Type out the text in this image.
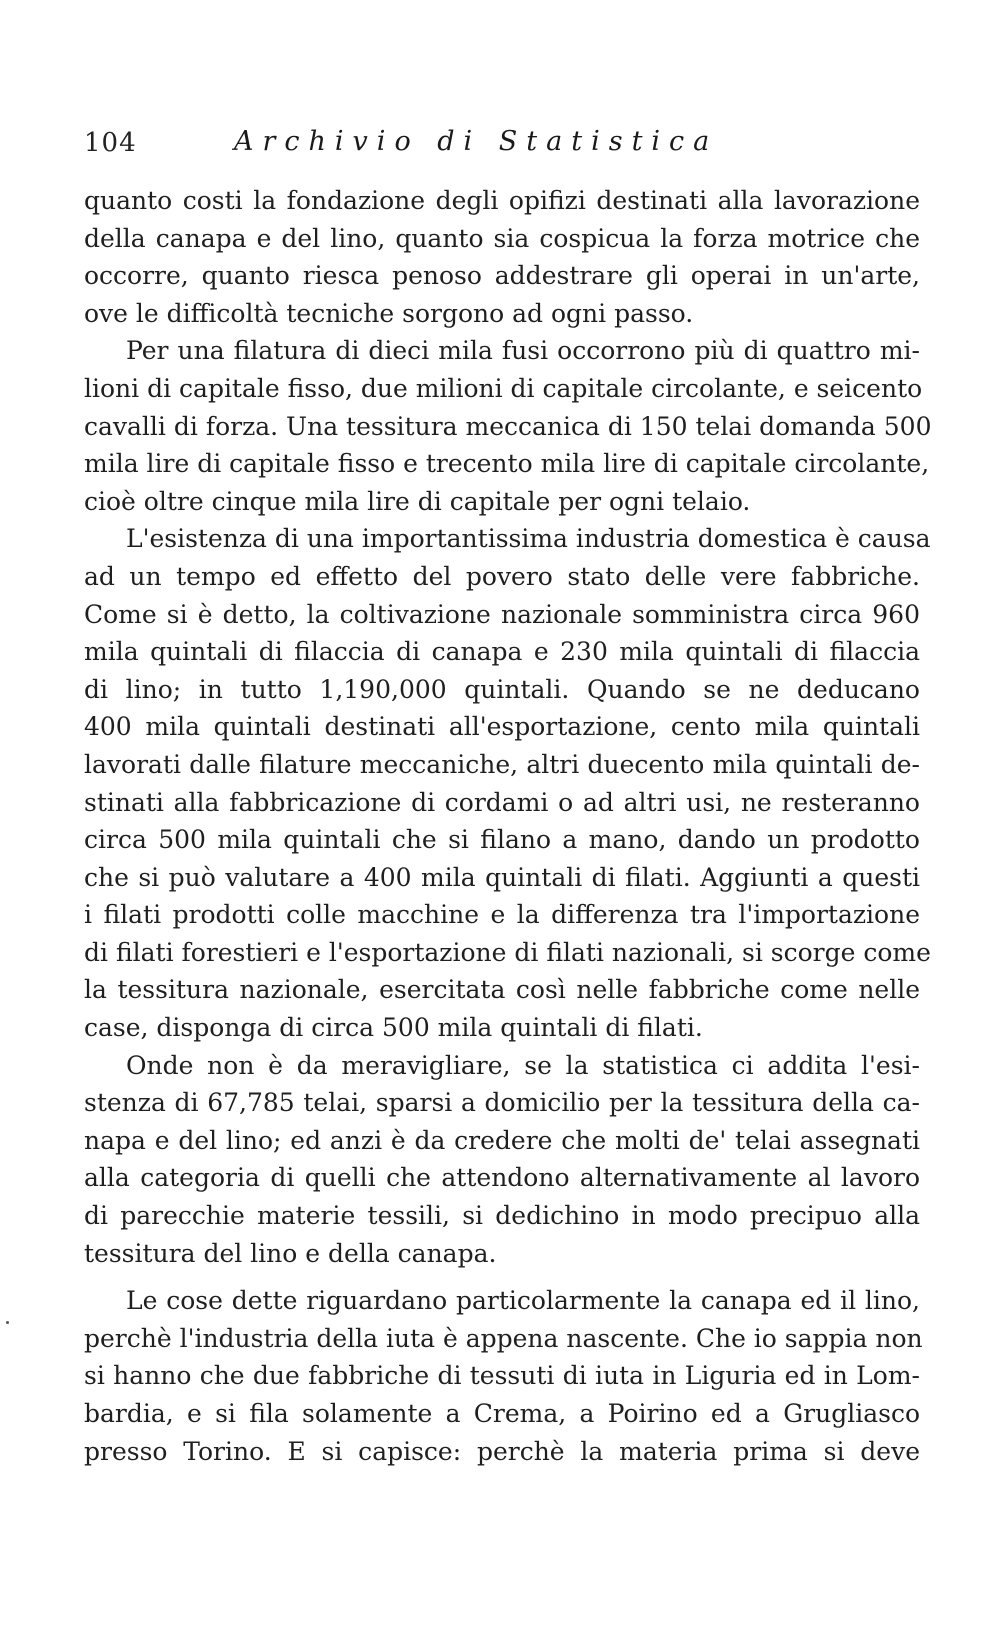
104	Archivio di Statistica
quanto costi la fondazione degli opifizi destinati alla lavorazione
della canapa e del lino, quanto sia cospicua la forza motrice che
occorre, quanto riesca penoso addestrare gli operai in un'arte,
ove le difficoltà tecniche sorgono ad ogni passo.
Per una filatura di dieci mila fusi occorrono più di quattro mi-
lioni di capitale fisso, due milioni di capitale circolante, e seicento
cavalli di forza. Una tessitura meccanica di 150 telai domanda 500
mila lire di capitale fisso e trecento mila lire di capitale circolante,
cioè oltre cinque mila lire di capitale per ogni telaio.
L'esistenza di una importantissima industria domestica è causa
ad un tempo ed effetto del povero stato delle vere fabbriche.
Come si è detto, la coltivazione nazionale somministra circa 960
mila quintali di filaccia di canapa e 230 mila quintali di filaccia
di lino; in tutto 1,190,000 quintali. Quando se ne deducano
400 mila quintali destinati all'esportazione, cento mila quintali
lavorati dalle filature meccaniche, altri duecento mila quintali de-
stinati alla fabbricazione di cordami o ad altri usi, ne resteranno
circa 500 mila quintali che si filano a mano, dando un prodotto
che si può valutare a 400 mila quintali di filati. Aggiunti a questi
i filati prodotti colle macchine e la differenza tra l'importazione
di filati forestieri e l'esportazione di filati nazionali, si scorge come
la tessitura nazionale, esercitata così nelle fabbriche come nelle
case, disponga di circa 500 mila quintali di filati.
Onde non è da meravigliare, se la statistica ci addita l'esi-
stenza di 67,785 telai, sparsi a domicilio per la tessitura della ca-
napa e del lino; ed anzi è da credere che molti de' telai assegnati
alla categoria di quelli che attendono alternativamente al lavoro
di parecchie materie tessili, si dedichino in modo precipuo alla
tessitura del lino e della canapa.
Le cose dette riguardano particolarmente la canapa ed il lino,
perchè l'industria della iuta è appena nascente. Che io sappia non
si hanno che due fabbriche di tessuti di iuta in Liguria ed in Lom-
bardia, e si fila solamente a Crema, a Poirino ed a Grugliasco
presso Torino. E si capisce: perchè la materia prima si deve
